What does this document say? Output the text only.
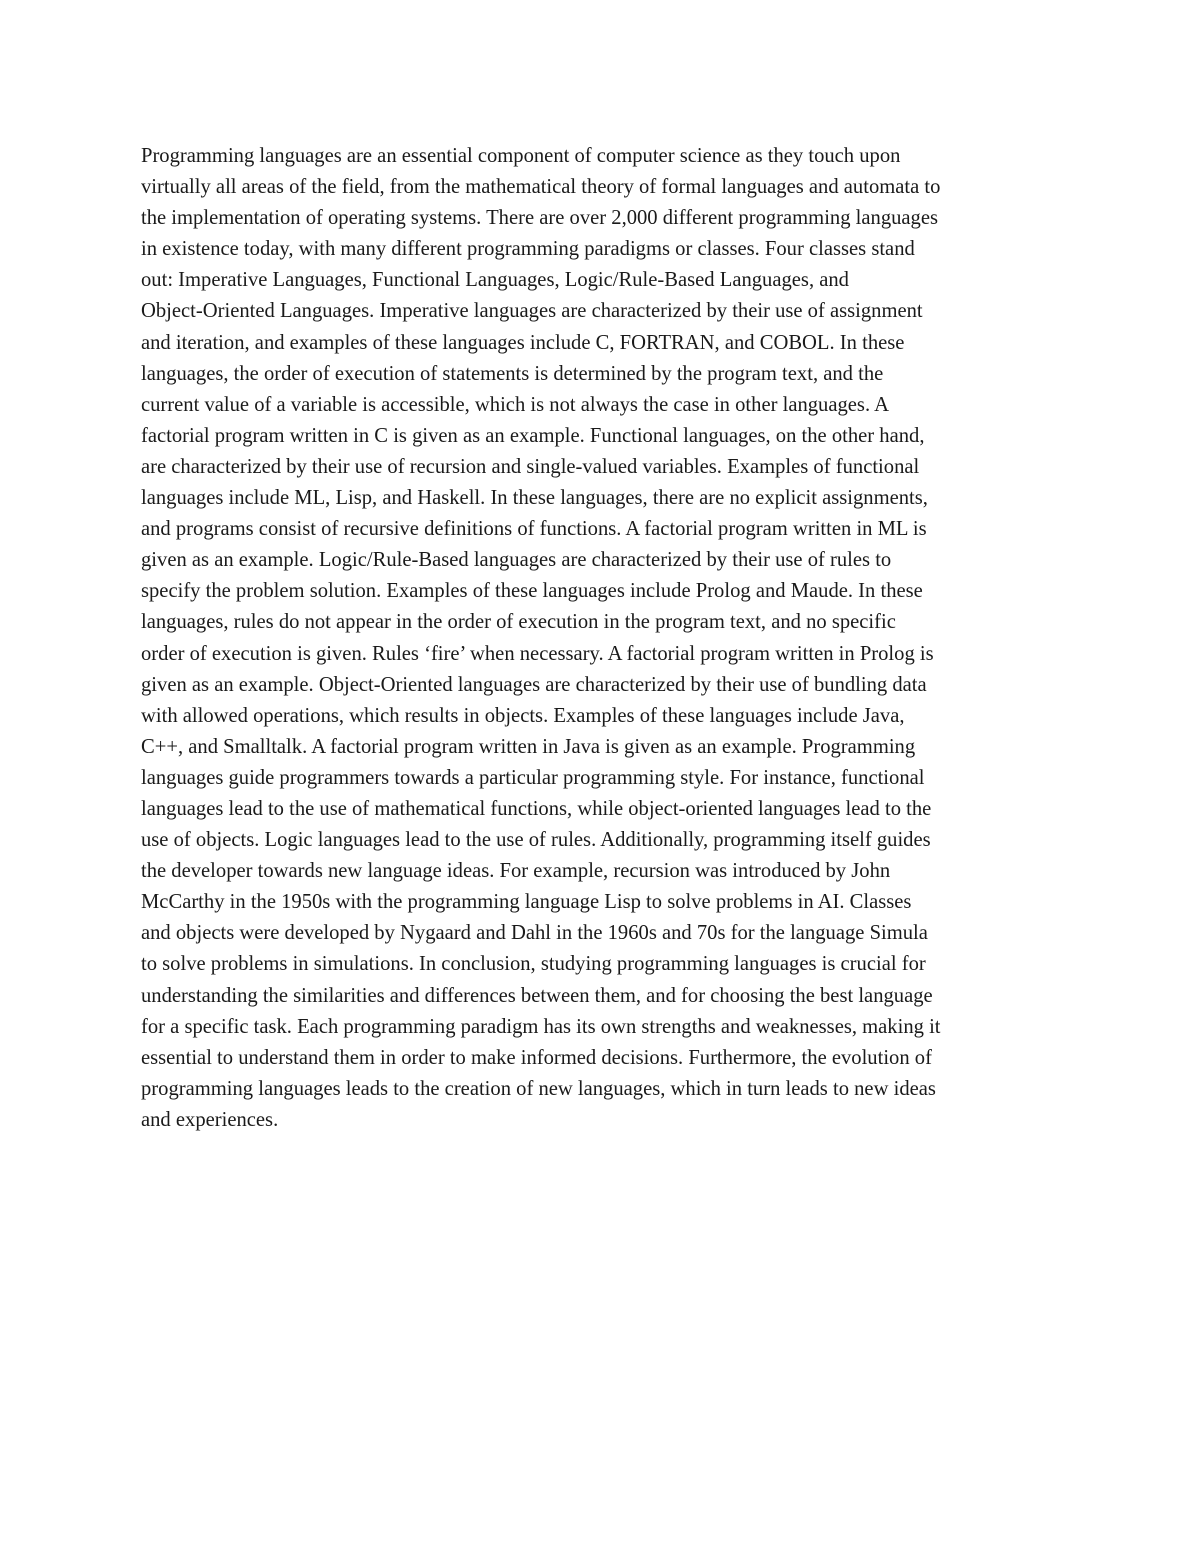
Programming languages are an essential component of computer science as they touch upon
virtually all areas of the field, from the mathematical theory of formal languages and automata to
the implementation of operating systems. There are over 2,000 different programming languages
in existence today, with many different programming paradigms or classes. Four classes stand
out: Imperative Languages, Functional Languages, Logic/Rule-Based Languages, and
Object-Oriented Languages. Imperative languages are characterized by their use of assignment
and iteration, and examples of these languages include C, FORTRAN, and COBOL. In these
languages, the order of execution of statements is determined by the program text, and the
current value of a variable is accessible, which is not always the case in other languages. A
factorial program written in C is given as an example. Functional languages, on the other hand,
are characterized by their use of recursion and single-valued variables. Examples of functional
languages include ML, Lisp, and Haskell. In these languages, there are no explicit assignments,
and programs consist of recursive definitions of functions. A factorial program written in ML is
given as an example. Logic/Rule-Based languages are characterized by their use of rules to
specify the problem solution. Examples of these languages include Prolog and Maude. In these
languages, rules do not appear in the order of execution in the program text, and no specific
order of execution is given. Rules ‘fire’ when necessary. A factorial program written in Prolog is
given as an example. Object-Oriented languages are characterized by their use of bundling data
with allowed operations, which results in objects. Examples of these languages include Java,
C++, and Smalltalk. A factorial program written in Java is given as an example. Programming
languages guide programmers towards a particular programming style. For instance, functional
languages lead to the use of mathematical functions, while object-oriented languages lead to the
use of objects. Logic languages lead to the use of rules. Additionally, programming itself guides
the developer towards new language ideas. For example, recursion was introduced by John
McCarthy in the 1950s with the programming language Lisp to solve problems in AI. Classes
and objects were developed by Nygaard and Dahl in the 1960s and 70s for the language Simula
to solve problems in simulations. In conclusion, studying programming languages is crucial for
understanding the similarities and differences between them, and for choosing the best language
for a specific task. Each programming paradigm has its own strengths and weaknesses, making it
essential to understand them in order to make informed decisions. Furthermore, the evolution of
programming languages leads to the creation of new languages, which in turn leads to new ideas
and experiences.
